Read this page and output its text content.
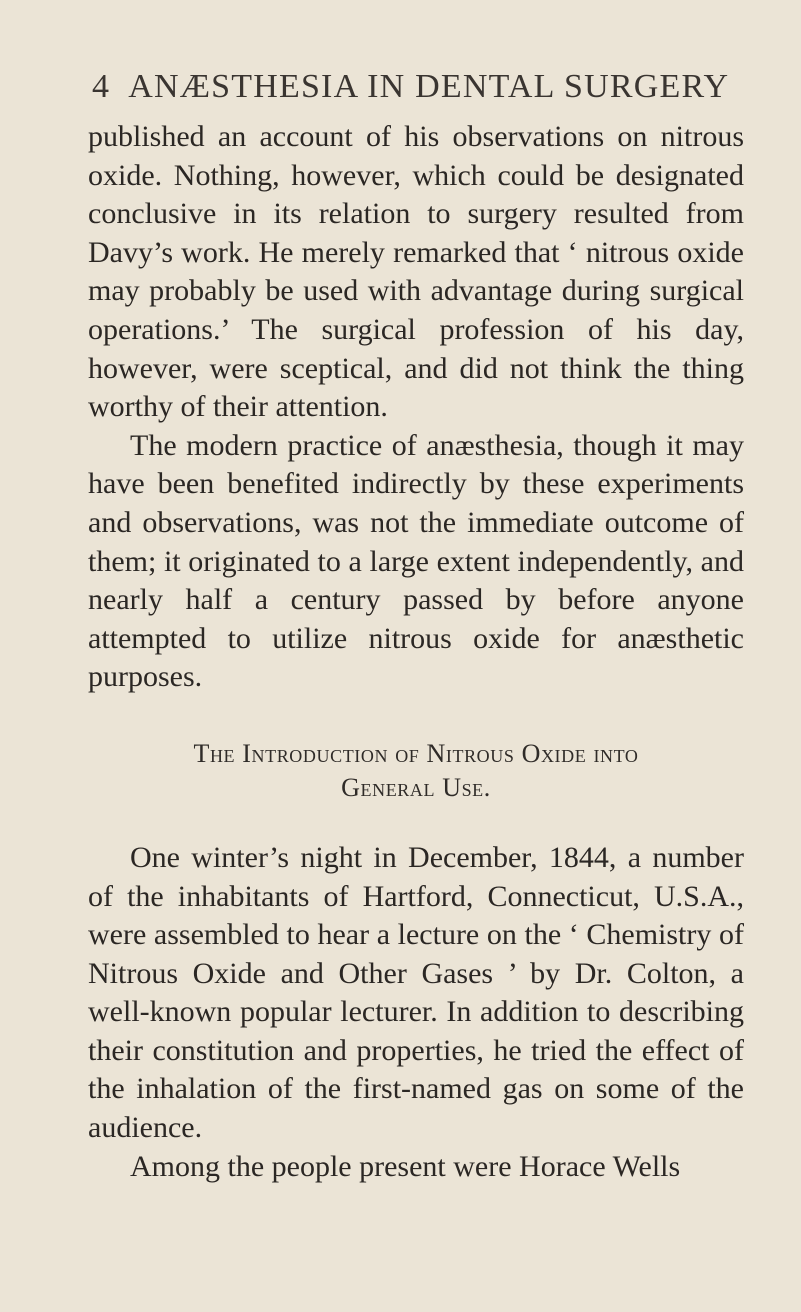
4 ANÆSTHESIA IN DENTAL SURGERY

published an account of his observations on nitrous oxide. Nothing, however, which could be designated conclusive in its relation to surgery resulted from Davy’s work. He merely remarked that ‘ nitrous oxide may probably be used with advantage during surgical operations.’ The surgical profession of his day, however, were sceptical, and did not think the thing worthy of their attention.

The modern practice of anæsthesia, though it may have been benefited indirectly by these experiments and observations, was not the immediate outcome of them; it originated to a large extent independently, and nearly half a century passed by before anyone attempted to utilize nitrous oxide for anæsthetic purposes.

The Introduction of Nitrous Oxide into
General Use.

One winter’s night in December, 1844, a number of the inhabitants of Hartford, Connecticut, U.S.A., were assembled to hear a lecture on the ‘ Chemistry of Nitrous Oxide and Other Gases ’ by Dr. Colton, a well-known popular lecturer. In addition to describing their constitution and properties, he tried the effect of the inhalation of the first-named gas on some of the audience.

Among the people present were Horace Wells
